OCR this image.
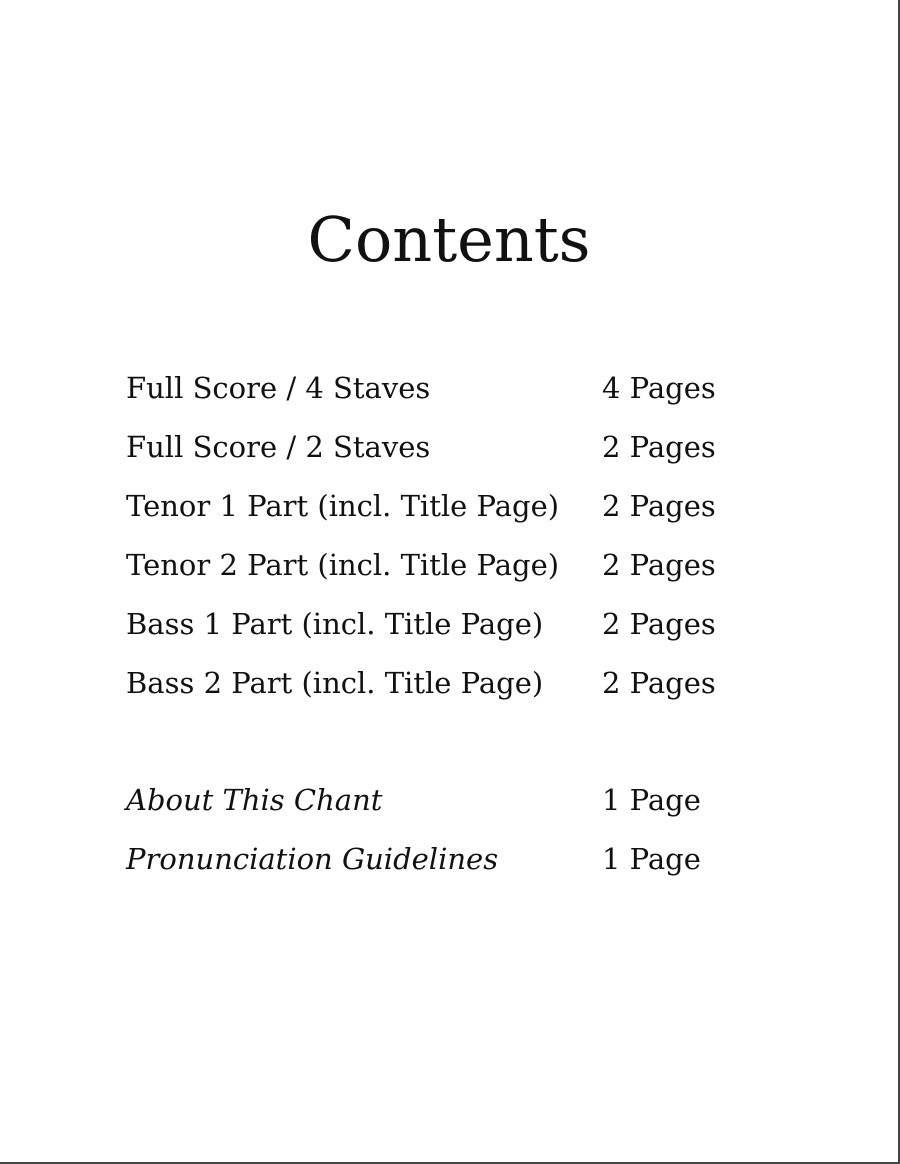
Contents
Full Score / 4 Staves	4 Pages
Full Score / 2 Staves	2 Pages
Tenor 1 Part (incl. Title Page) 2 Pages
Tenor 2 Part (incl. Title Page) 2 Pages
Bass 1 Part (incl. Title Page) 2 Pages
Bass 2 Part (incl. Title Page) 2 Pages
About This Chant	1 Page
Pronunciation Guidelines	1 Page
